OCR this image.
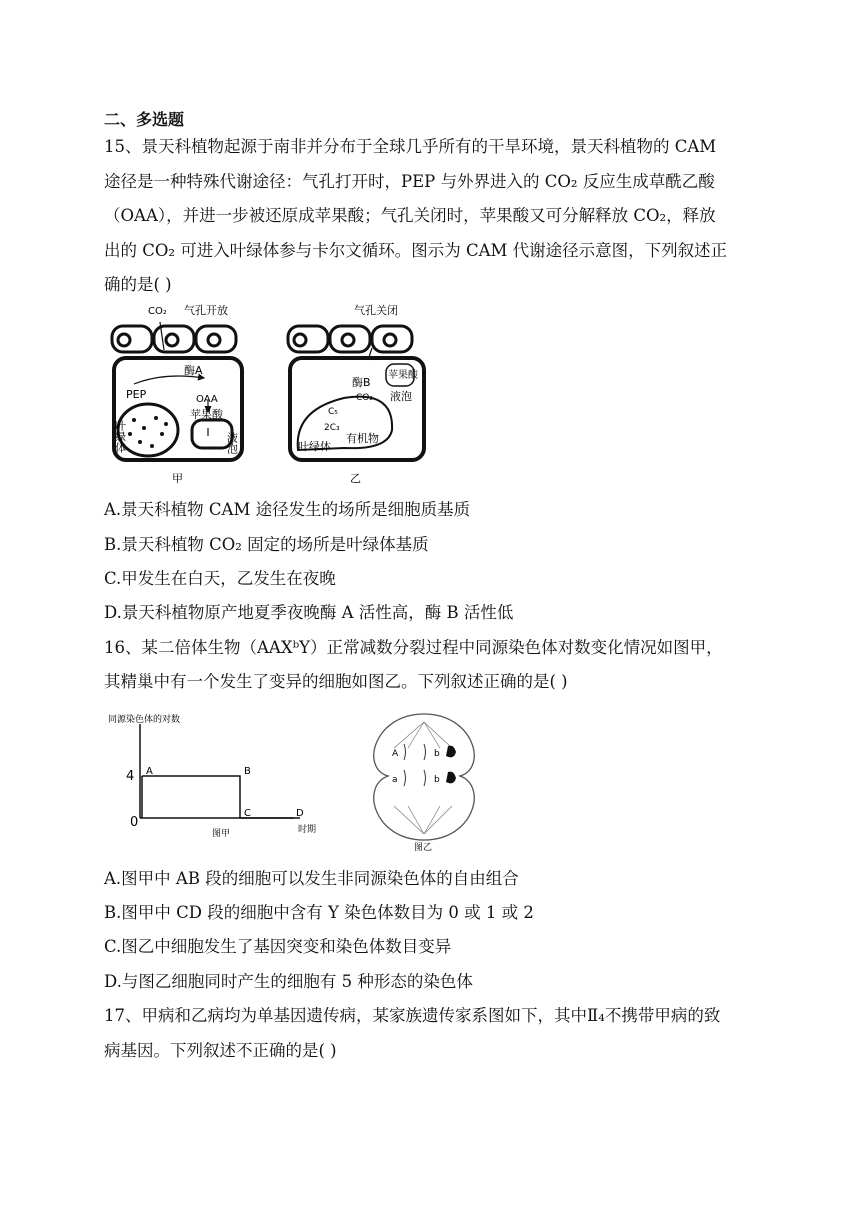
二、多选题
15、景天科植物起源于南非并分布于全球几乎所有的干旱环境，景天科植物的 CAM
途径是一种特殊代谢途径：气孔打开时，PEP 与外界进入的 CO₂ 反应生成草酰乙酸
（OAA），并进一步被还原成苹果酸；气孔关闭时，苹果酸又可分解释放 CO₂，释放
出的 CO₂ 可进入叶绿体参与卡尔文循环。图示为 CAM 代谢途径示意图，下列叙述正
确的是( )
CO₂ 气孔开放
酶A
PEP	OAA
苹果酸
叶绿体	液泡
甲
气孔关闭
苹果酸
酶B
CO₂ 液泡
C₅
2C₃
有机物
叶绿体
乙
A.景天科植物 CAM 途径发生的场所是细胞质基质
B.景天科植物 CO₂ 固定的场所是叶绿体基质
C.甲发生在白天，乙发生在夜晚
D.景天科植物原产地夏季夜晚酶 A 活性高，酶 B 活性低
16、某二倍体生物（AAXᵇY）正常减数分裂过程中同源染色体对数变化情况如图甲，
其精巢中有一个发生了变异的细胞如图乙。下列叙述正确的是( )
同源染色体的对数
4
0	时期
图甲
A	B
C	D
A
a
b
b
图乙
A.图甲中 AB 段的细胞可以发生非同源染色体的自由组合
B.图甲中 CD 段的细胞中含有 Y 染色体数目为 0 或 1 或 2
C.图乙中细胞发生了基因突变和染色体数目变异
D.与图乙细胞同时产生的细胞有 5 种形态的染色体
17、甲病和乙病均为单基因遗传病，某家族遗传家系图如下，其中Ⅱ₄不携带甲病的致
病基因。下列叙述不正确的是( )
